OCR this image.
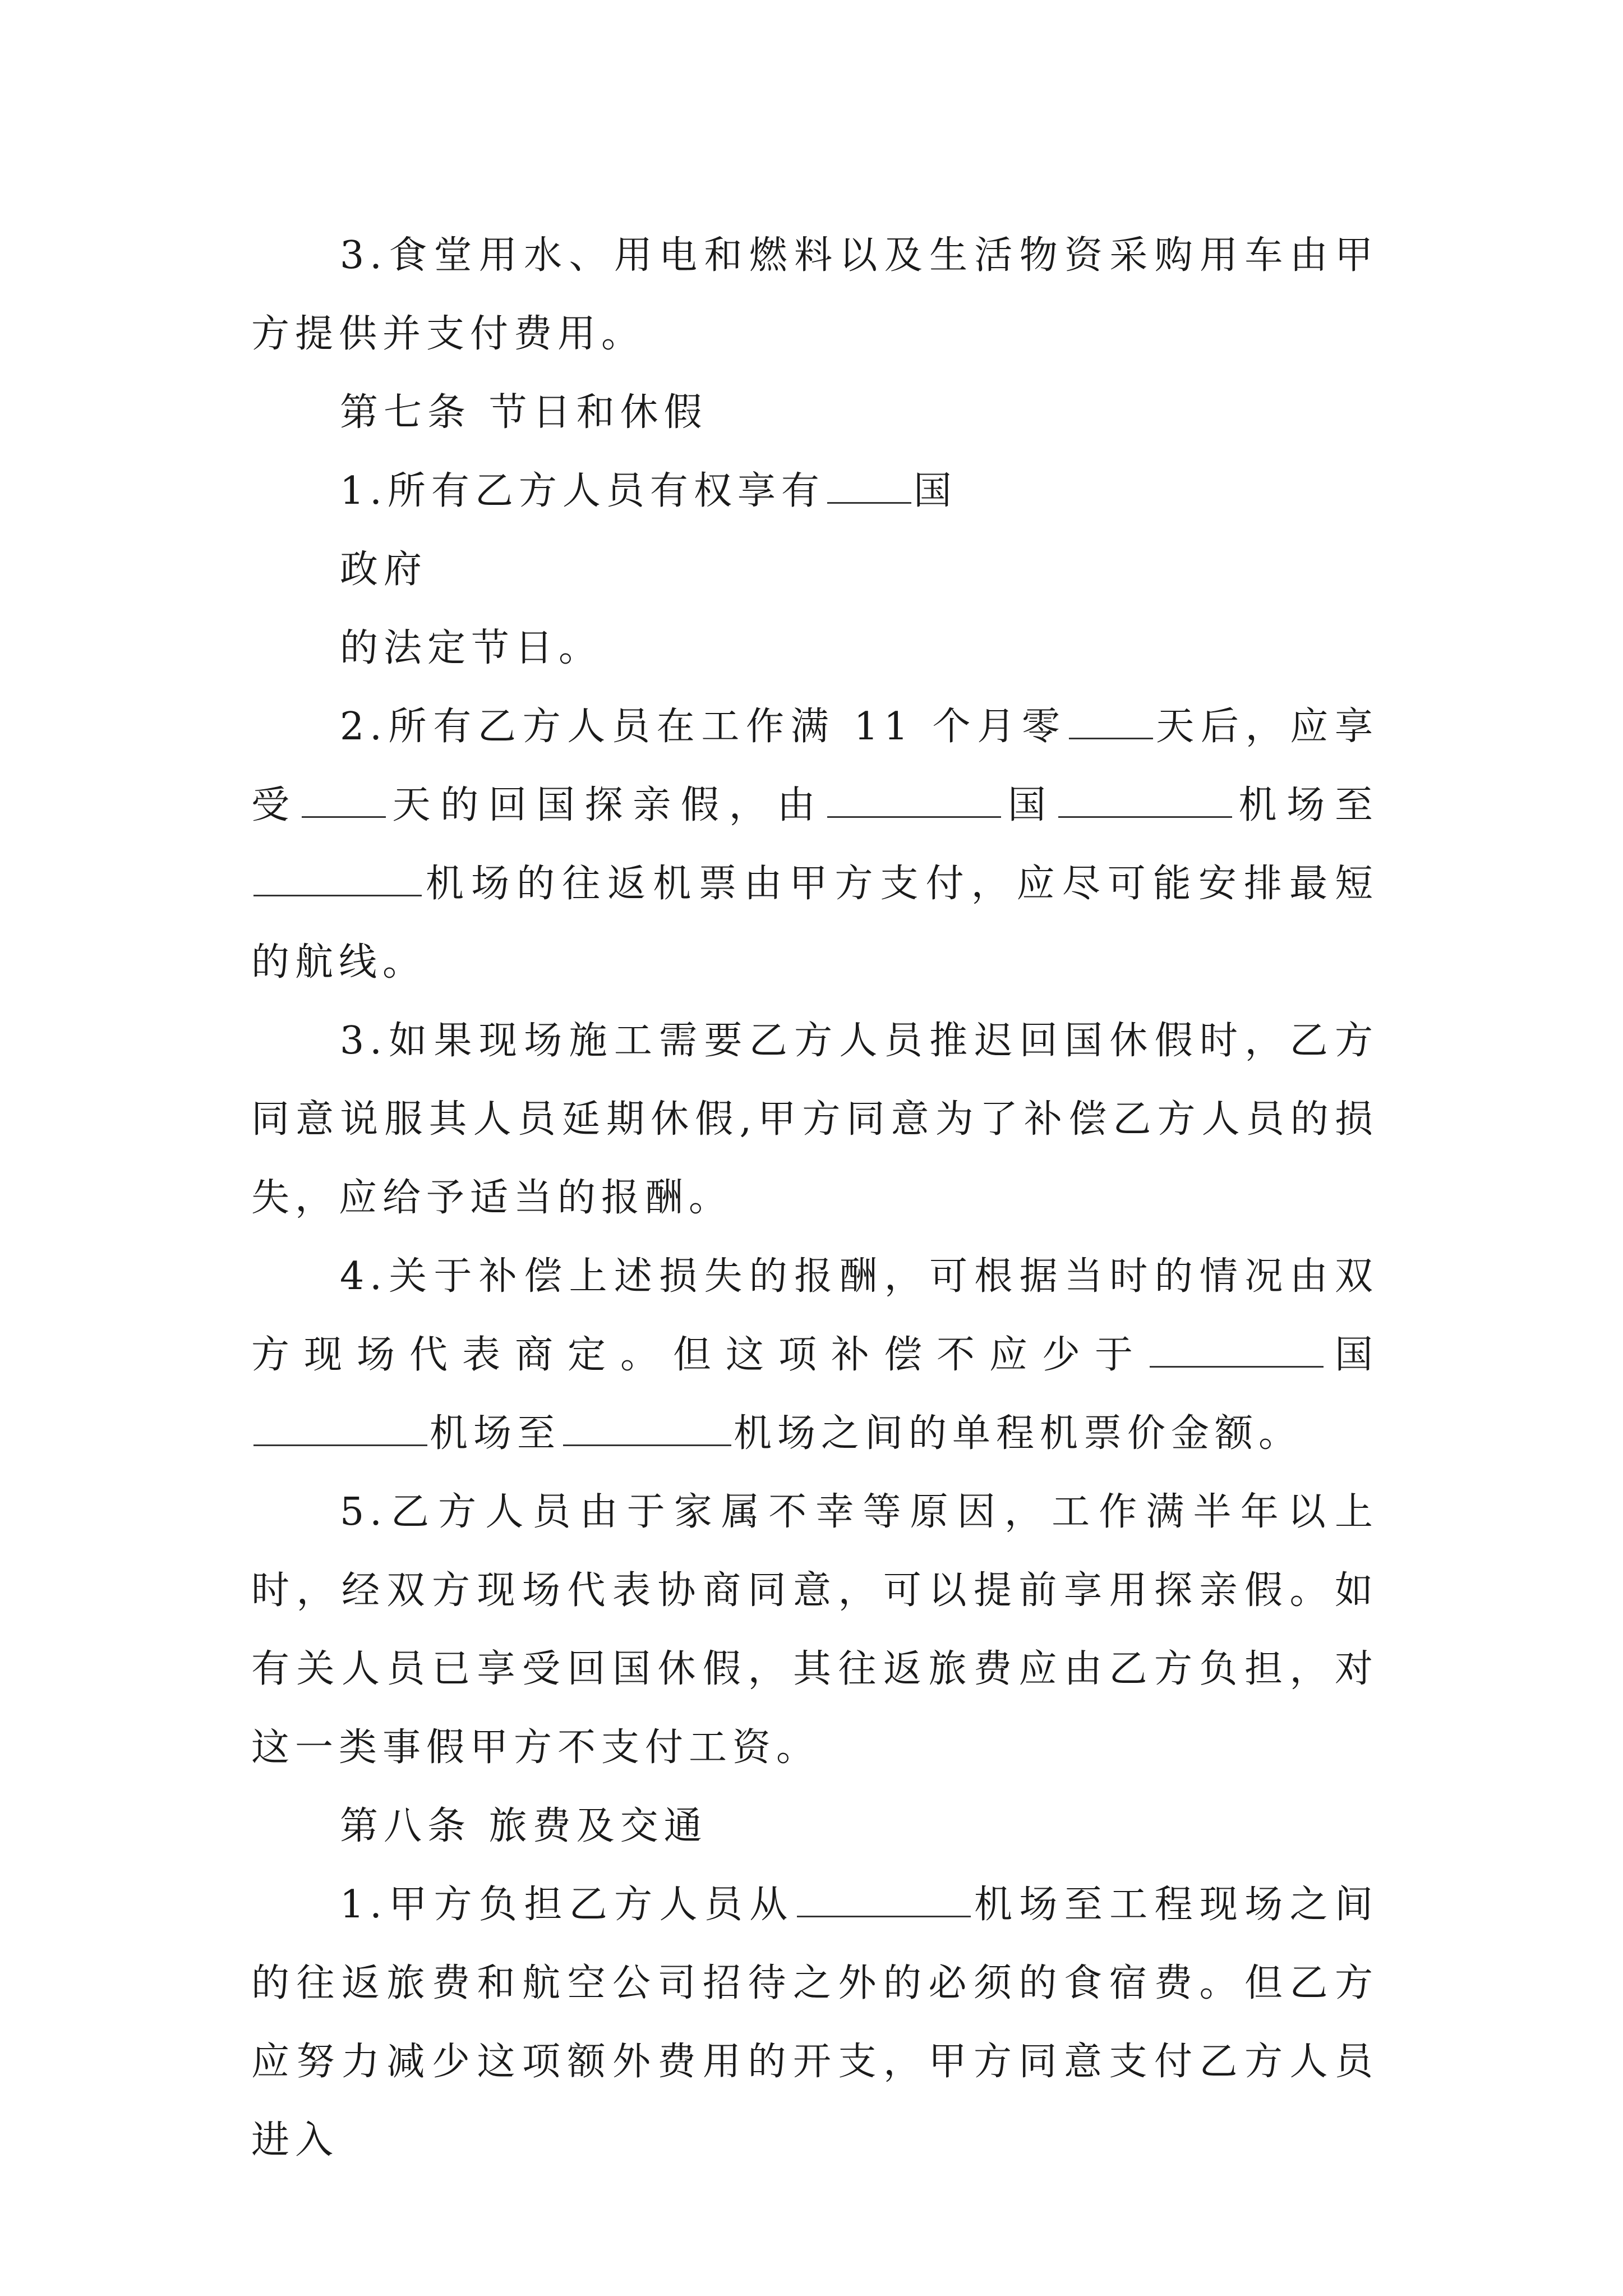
3.食堂用水、用电和燃料以及生活物资采购用车由甲方提供并支付费用。

第七条 节日和休假

1.所有乙方人员有权享有 国

政府

的法定节日。

2.所有乙方人员在工作满 11 个月零 天后，应享受 天的回国探亲假，由	国	机场至机场的往返机票由甲方支付，应尽可能安排最短的航线。

3.如果现场施工需要乙方人员推迟回国休假时，乙方同意说服其人员延期休假,甲方同意为了补偿乙方人员的损失，应给予适当的报酬。

4.关于补偿上述损失的报酬，可根据当时的情况由双方现场代表商定。但这项补偿不应少于	国机场至	机场之间的单程机票价金额。

5.乙方人员由于家属不幸等原因，工作满半年以上时，经双方现场代表协商同意，可以提前享用探亲假。如有关人员已享受回国休假，其往返旅费应由乙方负担，对这一类事假甲方不支付工资。

第八条 旅费及交通

1.甲方负担乙方人员从	机场至工程现场之间的往返旅费和航空公司招待之外的必须的食宿费。但乙方应努力减少这项额外费用的开支，甲方同意支付乙方人员进入
